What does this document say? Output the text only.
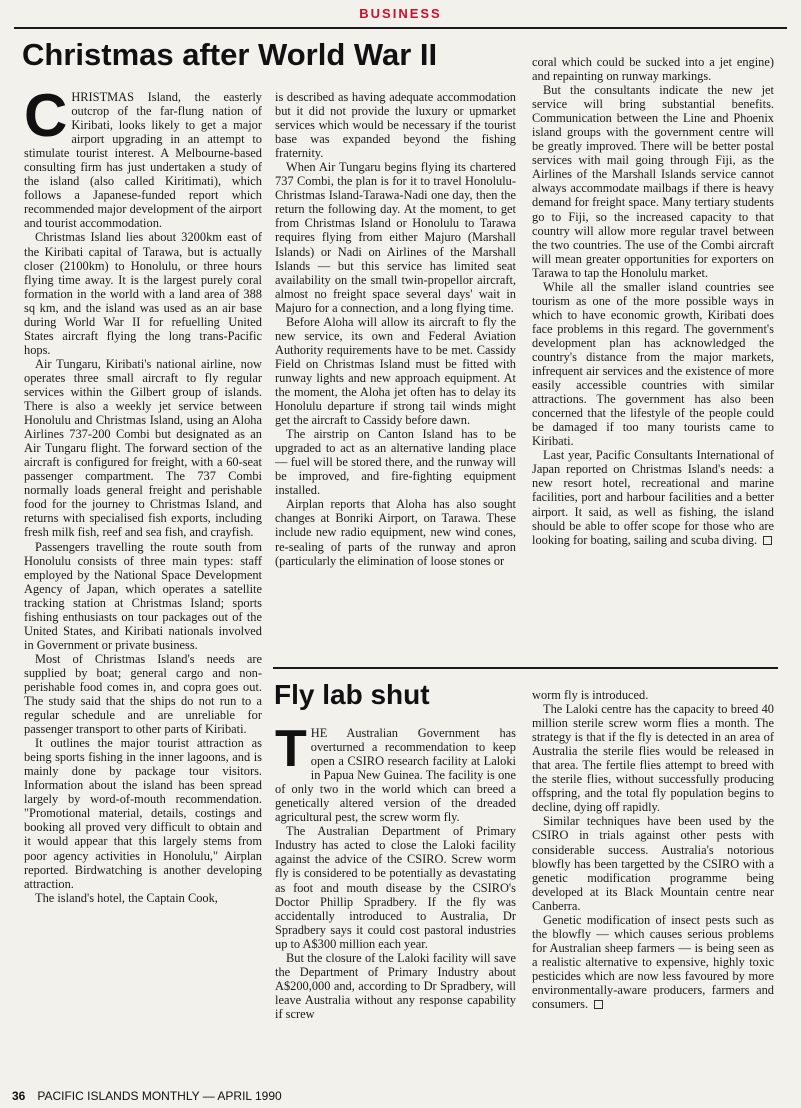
BUSINESS
Christmas after World War II
C HRISTMAS Island, the easterly outcrop of the far-flung nation of Kiribati, looks likely to get a major airport upgrading in an attempt to stimulate tourist interest. A Melbourne-based consulting firm has just undertaken a study of the island (also called Kiritimati), which follows a Japanese-funded report which recommended major development of the airport and tourist accommodation.

Christmas Island lies about 3200km east of the Kiribati capital of Tarawa, but is actually closer (2100km) to Honolulu, or three hours flying time away. It is the largest purely coral formation in the world with a land area of 388 sq km, and the island was used as an air base during World War II for refuelling United States aircraft flying the long trans-Pacific hops.

Air Tungaru, Kiribati's national airline, now operates three small aircraft to fly regular services within the Gilbert group of islands. There is also a weekly jet service between Honolulu and Christmas Island, using an Aloha Airlines 737-200 Combi but designated as an Air Tungaru flight. The forward section of the aircraft is configured for freight, with a 60-seat passenger compartment. The 737 Combi normally loads general freight and perishable food for the journey to Christmas Island, and returns with specialised fish exports, including fresh milk fish, reef and sea fish, and crayfish.

Passengers travelling the route south from Honolulu consists of three main types: staff employed by the National Space Development Agency of Japan, which operates a satellite tracking station at Christmas Island; sports fishing enthusiasts on tour packages out of the United States, and Kiribati nationals involved in Government or private business.

Most of Christmas Island's needs are supplied by boat; general cargo and non-perishable food comes in, and copra goes out. The study said that the ships do not run to a regular schedule and are unreliable for passenger transport to other parts of Kiribati.

It outlines the major tourist attraction as being sports fishing in the inner lagoons, and is mainly done by package tour visitors. Information about the island has been spread largely by word-of-mouth recommendation. "Promotional material, details, costings and booking all proved very difficult to obtain and it would appear that this largely stems from poor agency activities in Honolulu," Airplan reported. Birdwatching is another developing attraction.

The island's hotel, the Captain Cook,

is described as having adequate accommodation but it did not provide the luxury or upmarket services which would be necessary if the tourist base was expanded beyond the fishing fraternity.

When Air Tungaru begins flying its chartered 737 Combi, the plan is for it to travel Honolulu-Christmas Island-Tarawa-Nadi one day, then the return the following day. At the moment, to get from Christmas Island or Honolulu to Tarawa requires flying from either Majuro (Marshall Islands) or Nadi on Airlines of the Marshall Islands — but this service has limited seat availability on the small twin-propellor aircraft, almost no freight space several days' wait in Majuro for a connection, and a long flying time.

Before Aloha will allow its aircraft to fly the new service, its own and Federal Aviation Authority requirements have to be met. Cassidy Field on Christmas Island must be fitted with runway lights and new approach equipment. At the moment, the Aloha jet often has to delay its Honolulu departure if strong tail winds might get the aircraft to Cassidy before dawn.

The airstrip on Canton Island has to be upgraded to act as an alternative landing place — fuel will be stored there, and the runway will be improved, and fire-fighting equipment installed.

Airplan reports that Aloha has also sought changes at Bonriki Airport, on Tarawa. These include new radio equipment, new wind cones, re-sealing of parts of the runway and apron (particularly the elimination of loose stones or

coral which could be sucked into a jet engine) and repainting on runway markings.

But the consultants indicate the new jet service will bring substantial benefits. Communication between the Line and Phoenix island groups with the government centre will be greatly improved. There will be better postal services with mail going through Fiji, as the Airlines of the Marshall Islands service cannot always accommodate mailbags if there is heavy demand for freight space. Many tertiary students go to Fiji, so the increased capacity to that country will allow more regular travel between the two countries. The use of the Combi aircraft will mean greater opportunities for exporters on Tarawa to tap the Honolulu market.

While all the smaller island countries see tourism as one of the more possible ways in which to have economic growth, Kiribati does face problems in this regard. The government's development plan has acknowledged the country's distance from the major markets, infrequent air services and the existence of more easily accessible countries with similar attractions. The government has also been concerned that the lifestyle of the people could be damaged if too many tourists came to Kiribati.

Last year, Pacific Consultants International of Japan reported on Christmas Island's needs: a new resort hotel, recreational and marine facilities, port and harbour facilities and a better airport. It said, as well as fishing, the island should be able to offer scope for those who are looking for boating, sailing and scuba diving.

Fly lab shut
T HE Australian Government has overturned a recommendation to keep open a CSIRO research facility at Laloki in Papua New Guinea. The facility is one of only two in the world which can breed a genetically altered version of the dreaded agricultural pest, the screw worm fly.

The Australian Department of Primary Industry has acted to close the Laloki facility against the advice of the CSIRO. Screw worm fly is considered to be potentially as devastating as foot and mouth disease by the CSIRO's Doctor Phillip Spradbery. If the fly was accidentally introduced to Australia, Dr Spradbery says it could cost pastoral industries up to A$300 million each year.

But the closure of the Laloki facility will save the Department of Primary Industry about A$200,000 and, according to Dr Spradbery, will leave Australia without any response capability if screw

worm fly is introduced.

The Laloki centre has the capacity to breed 40 million sterile screw worm flies a month. The strategy is that if the fly is detected in an area of Australia the sterile flies would be released in that area. The fertile flies attempt to breed with the sterile flies, without successfully producing offspring, and the total fly population begins to decline, dying off rapidly.

Similar techniques have been used by the CSIRO in trials against other pests with considerable success. Australia's notorious blowfly has been targetted by the CSIRO with a genetic modification programme being developed at its Black Mountain centre near Canberra.

Genetic modification of insect pests such as the blowfly — which causes serious problems for Australian sheep farmers — is being seen as a realistic alternative to expensive, highly toxic pesticides which are now less favoured by more environmentally-aware producers, farmers and consumers.

36 PACIFIC ISLANDS MONTHLY — APRIL 1990
